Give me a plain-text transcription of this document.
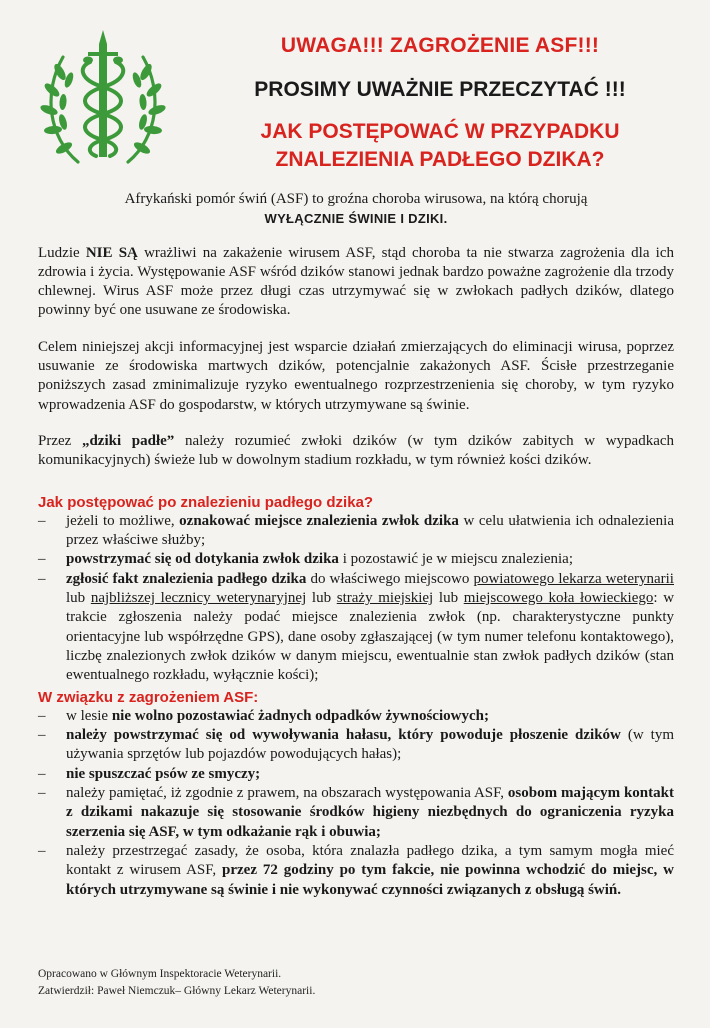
UWAGA!!! ZAGROŻENIE ASF!!!
PROSIMY UWAŻNIE PRZECZYTAĆ !!!
JAK POSTĘPOWAĆ W PRZYPADKU
ZNALEZIENIA PADŁEGO DZIKA?

Afrykański pomór świń (ASF) to groźna choroba wirusowa, na którą chorują
WYŁĄCZNIE ŚWINIE I DZIKI.

Ludzie NIE SĄ wrażliwi na zakażenie wirusem ASF, stąd choroba ta nie stwarza zagrożenia dla ich zdrowia i życia. Występowanie ASF wśród dzików stanowi jednak bardzo poważne zagrożenie dla trzody chlewnej. Wirus ASF może przez długi czas utrzymywać się w zwłokach padłych dzików, dlatego powinny być one usuwane ze środowiska.

Celem niniejszej akcji informacyjnej jest wsparcie działań zmierzających do eliminacji wirusa, poprzez usuwanie ze środowiska martwych dzików, potencjalnie zakażonych ASF. Ścisłe przestrzeganie poniższych zasad zminimalizuje ryzyko ewentualnego rozprzestrzenienia się choroby, w tym ryzyko wprowadzenia ASF do gospodarstw, w których utrzymywane są świnie.

Przez „dziki padłe” należy rozumieć zwłoki dzików (w tym dzików zabitych w wypadkach komunikacyjnych) świeże lub w dowolnym stadium rozkładu, w tym również kości dzików.

Jak postępować po znalezieniu padłego dzika?

– jeżeli to możliwe, oznakować miejsce znalezienia zwłok dzika w celu ułatwienia ich odnalezienia przez właściwe służby;
– powstrzymać się od dotykania zwłok dzika i pozostawić je w miejscu znalezienia;
– zgłosić fakt znalezienia padłego dzika do właściwego miejscowo powiatowego lekarza weterynarii lub najbliższej lecznicy weterynaryjnej lub straży miejskiej lub miejscowego koła łowieckiego: w trakcie zgłoszenia należy podać miejsce znalezienia zwłok (np. charakterystyczne punkty orientacyjne lub współrzędne GPS), dane osoby zgłaszającej (w tym numer telefonu kontaktowego), liczbę znalezionych zwłok dzików w danym miejscu, ewentualnie stan zwłok padłych dzików (stan ewentualnego rozkładu, wyłącznie kości);

W związku z zagrożeniem ASF:

– w lesie nie wolno pozostawiać żadnych odpadków żywnościowych;
– należy powstrzymać się od wywoływania hałasu, który powoduje płoszenie dzików (w tym używania sprzętów lub pojazdów powodujących hałas);
– nie spuszczać psów ze smyczy;
– należy pamiętać, iż zgodnie z prawem, na obszarach występowania ASF, osobom mającym kontakt z dzikami nakazuje się stosowanie środków higieny niezbędnych do ograniczenia ryzyka szerzenia się ASF, w tym odkażanie rąk i obuwia;
– należy przestrzegać zasady, że osoba, która znalazła padłego dzika, a tym samym mogła mieć kontakt z wirusem ASF, przez 72 godziny po tym fakcie, nie powinna wchodzić do miejsc, w których utrzymywane są świnie i nie wykonywać czynności związanych z obsługą świń.
Opracowano w Głównym Inspektoracie Weterynarii.
Zatwierdził: Paweł Niemczuk– Główny Lekarz Weterynarii.
